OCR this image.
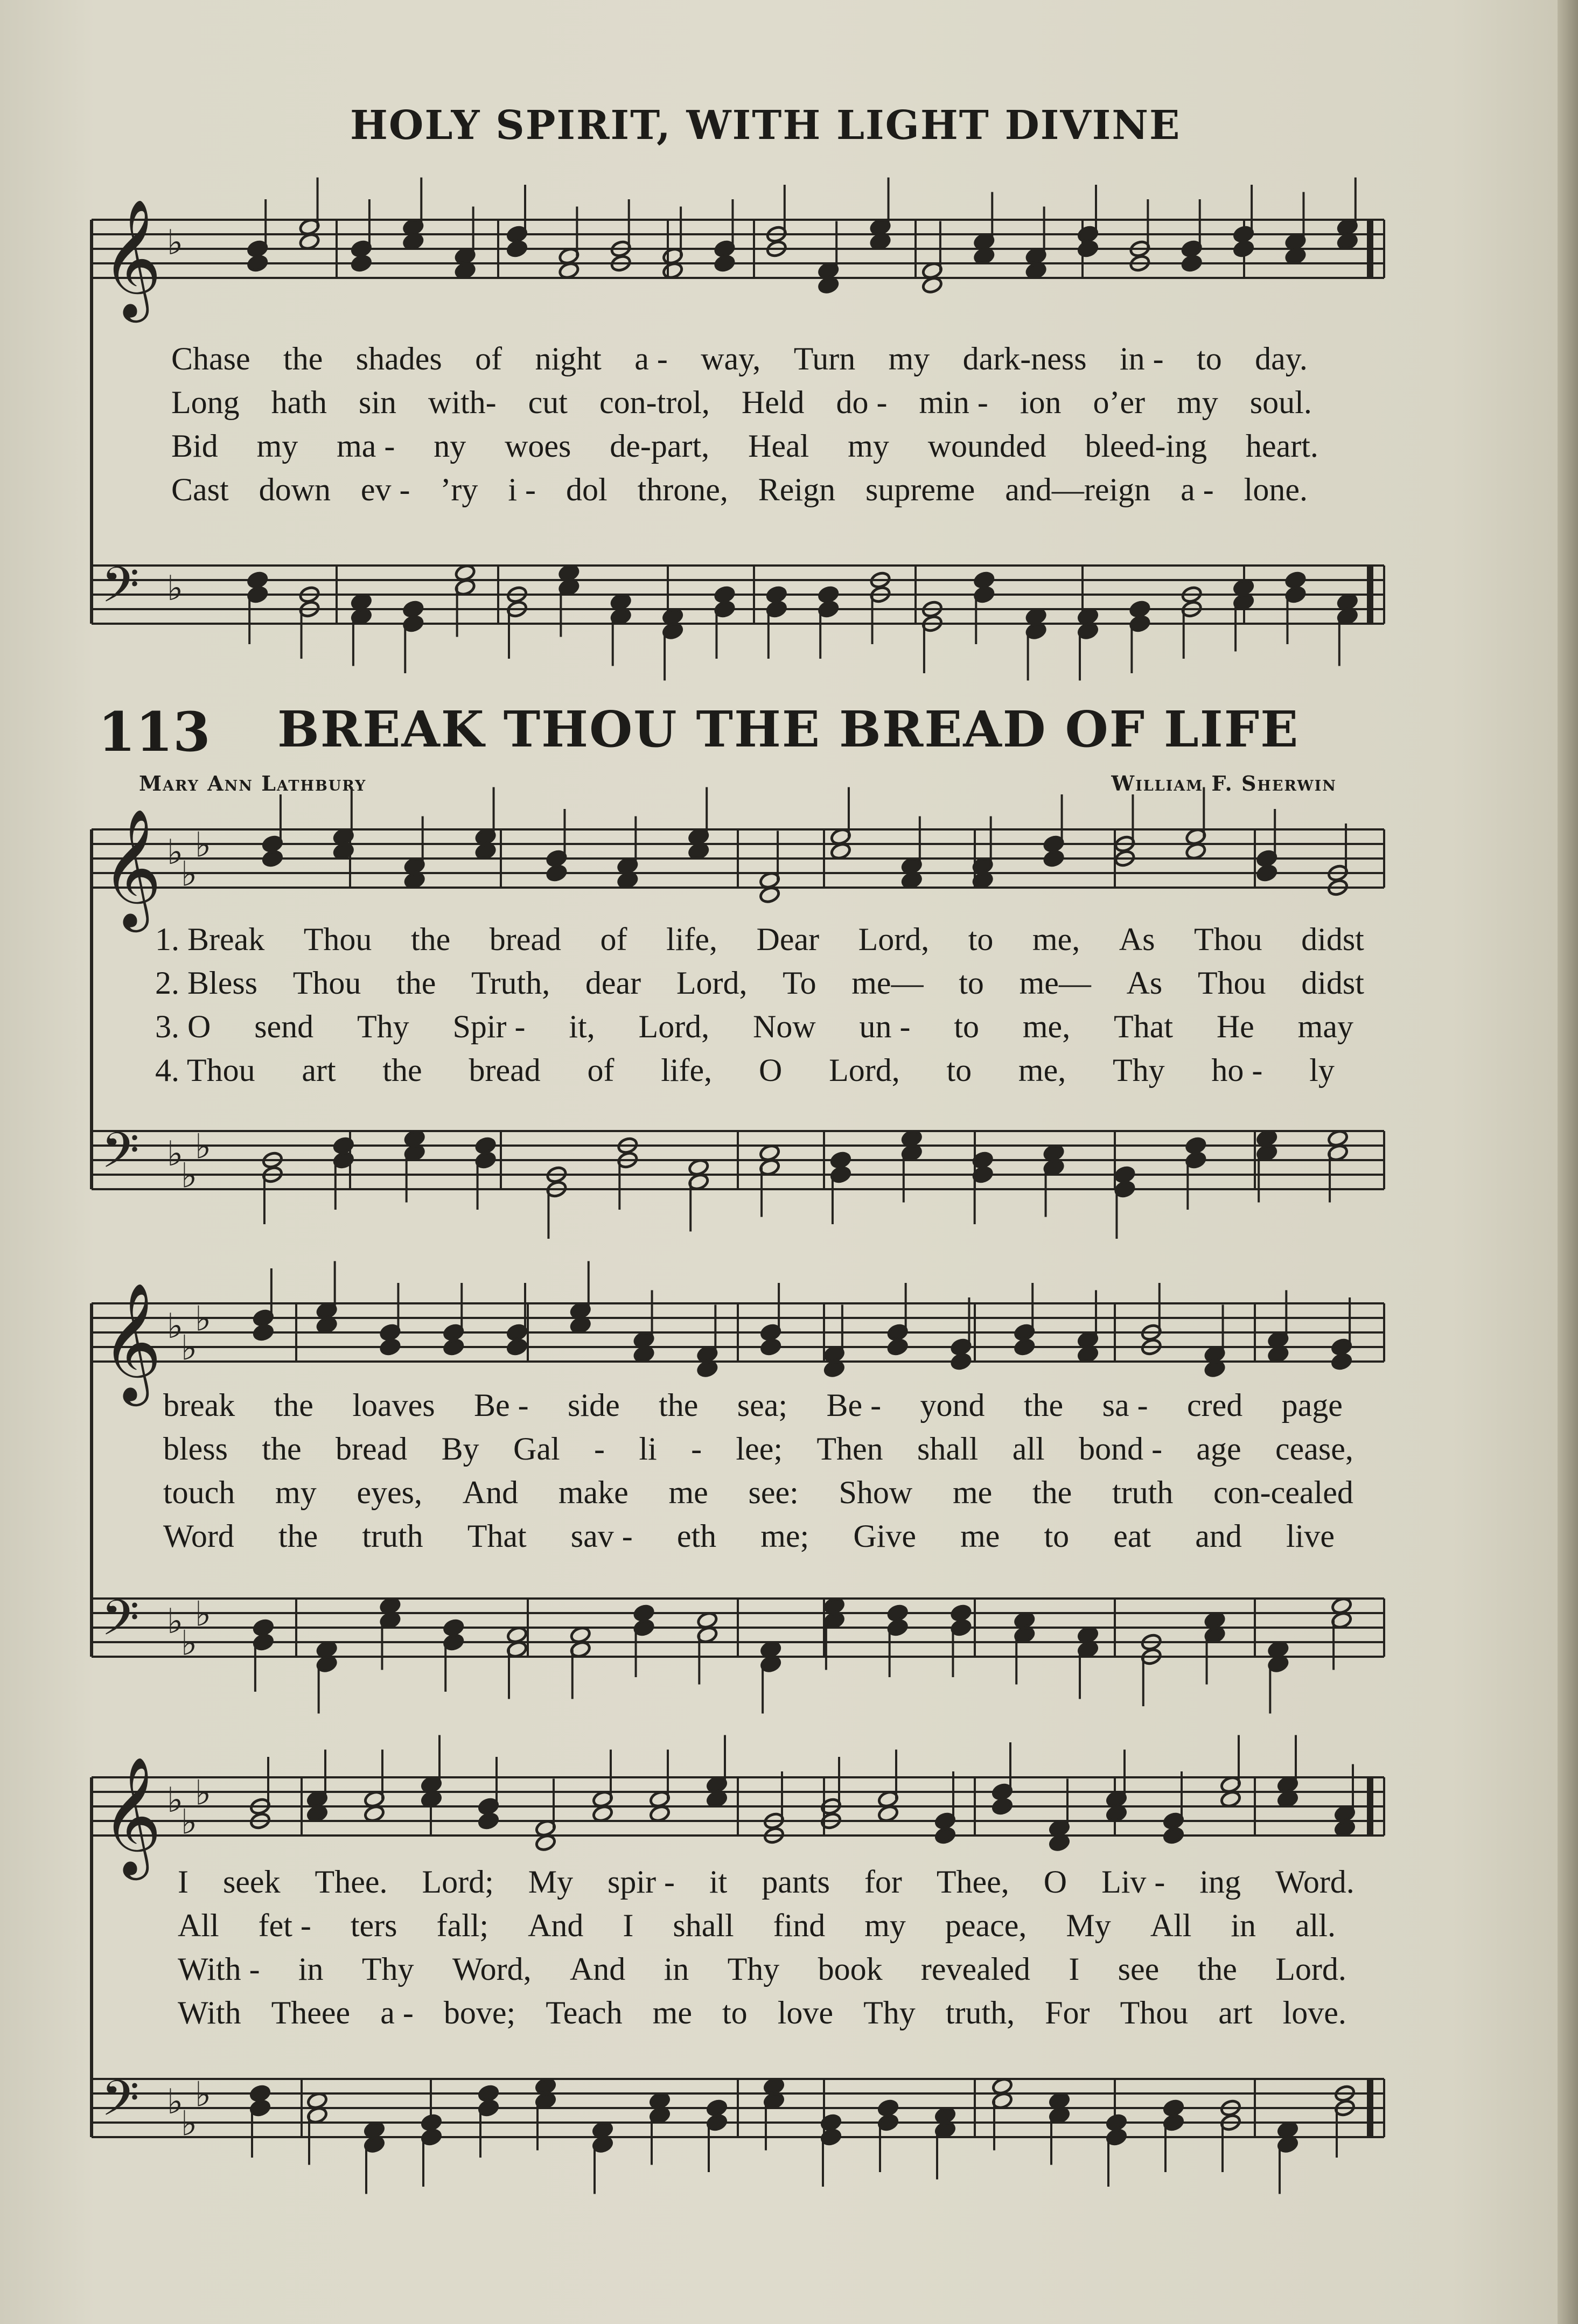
HOLY SPIRIT, WITH LIGHT DIVINE
113 BREAK THOU THE BREAD OF LIFE
Mary Ann Lathbury	William F. Sherwin
𝄞 ♭
𝄢 ♭
𝄞 ♭
♭
♭
𝄢 ♭
♭
♭
𝄞 ♭
♭
♭
𝄢 ♭
♭
♭
𝄞 ♭
♭
♭
𝄢 ♭
♭
♭
Chase the shades of night a - way, Turn my dark-ness in - to day.
Long hath sin with- cut con-trol, Held do - min - ion o’er my soul.
Bid my ma - ny woes de-part, Heal my wounded bleed-ing heart.
Cast down ev - ’ry i - dol throne, Reign supreme and—reign a - lone.
1. Break Thou the bread of life, Dear Lord, to me, As Thou didst
2. Bless Thou the Truth, dear Lord, To me— to me— As Thou didst
3. O send Thy Spir - it, Lord, Now un - to me, That He may
4. Thou art the bread of life, O Lord, to me, Thy ho - ly
break the loaves Be - side the sea; Be - yond the sa - cred page
bless the bread By Gal - li - lee; Then shall all bond - age cease,
touch my eyes, And make me see: Show me the truth con-cealed
Word the truth That sav - eth me; Give me to eat and live
I seek Thee. Lord; My spir - it pants for Thee, O Liv - ing Word.
All fet - ters fall; And I shall find my peace, My All in all.
With - in Thy Word, And in Thy book revealed I see the Lord.
With Theee a - bove; Teach me to love Thy truth, For Thou art love.
